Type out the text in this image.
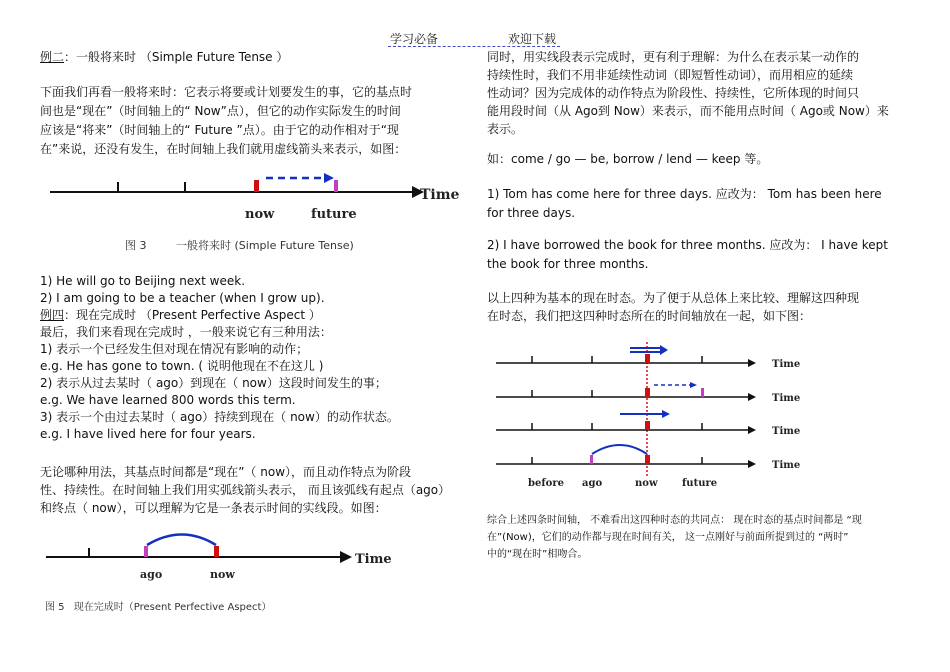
学习必备	欢迎下载
例二：一般将来时 （Simple Future Tense ）
下面我们再看一般将来时：它表示将要或计划要发生的事，它的基点时
间也是“现在”（时间轴上的“ Now”点），但它的动作实际发生的时间
应该是“将来”（时间轴上的“ Future ”点）。由于它的动作相对于“现
在”来说，还没有发生，在时间轴上我们就用虚线箭头来表示，如图：
now	future
Time
图 3	一般将来时 (Simple Future Tense)
1) He will go to Beijing next week.
2) I am going to be a teacher (when I grow up).
例四：现在完成时 （Present Perfective Aspect ）
最后，我们来看现在完成时 ，一般来说它有三种用法：
1) 表示一个已经发生但对现在情况有影响的动作；
e.g. He has gone to town. ( 说明他现在不在这儿 )
2) 表示从过去某时（ ago）到现在（ now）这段时间发生的事；
e.g. We have learned 800 words this term.
3) 表示一个由过去某时（ ago）持续到现在（ now）的动作状态。
e.g. I have lived here for four years.
无论哪种用法，其基点时间都是“现在”（ now），而且动作特点为阶段
性、持续性。在时间轴上我们用实弧线箭头表示， 而且该弧线有起点（ago）
和终点（ now），可以理解为它是一条表示时间的实线段。如图：
ago	now
Time
图 5 现在完成时（Present Perfective Aspect）
同时，用实线段表示完成时，更有利于理解：为什么在表示某一动作的
持续性时，我们不用非延续性动词（即短暂性动词），而用相应的延续
性动词？因为完成体的动作特点为阶段性、持续性，它所体现的时间只
能用段时间（从 Ago到 Now）来表示，而不能用点时间（ Ago或 Now）来
表示。
如：come / go — be, borrow / lend — keep 等。
1) Tom has come here for three days. 应改为： Tom has been here
for three days.
2) I have borrowed the book for three months. 应改为： I have kept
the book for three months.
以上四种为基本的现在时态。为了便于从总体上来比较、理解这四种现
在时态，我们把这四种时态所在的时间轴放在一起，如下图：
Time
Time
Time
Time
before ago	now future
综合上述四条时间轴， 不难看出这四种时态的共同点： 现在时态的基点时间都是 “现
在”(Now)，它们的动作都与现在时间有关， 这一点刚好与前面所提到过的 “两时”
中的“现在时”相吻合。
